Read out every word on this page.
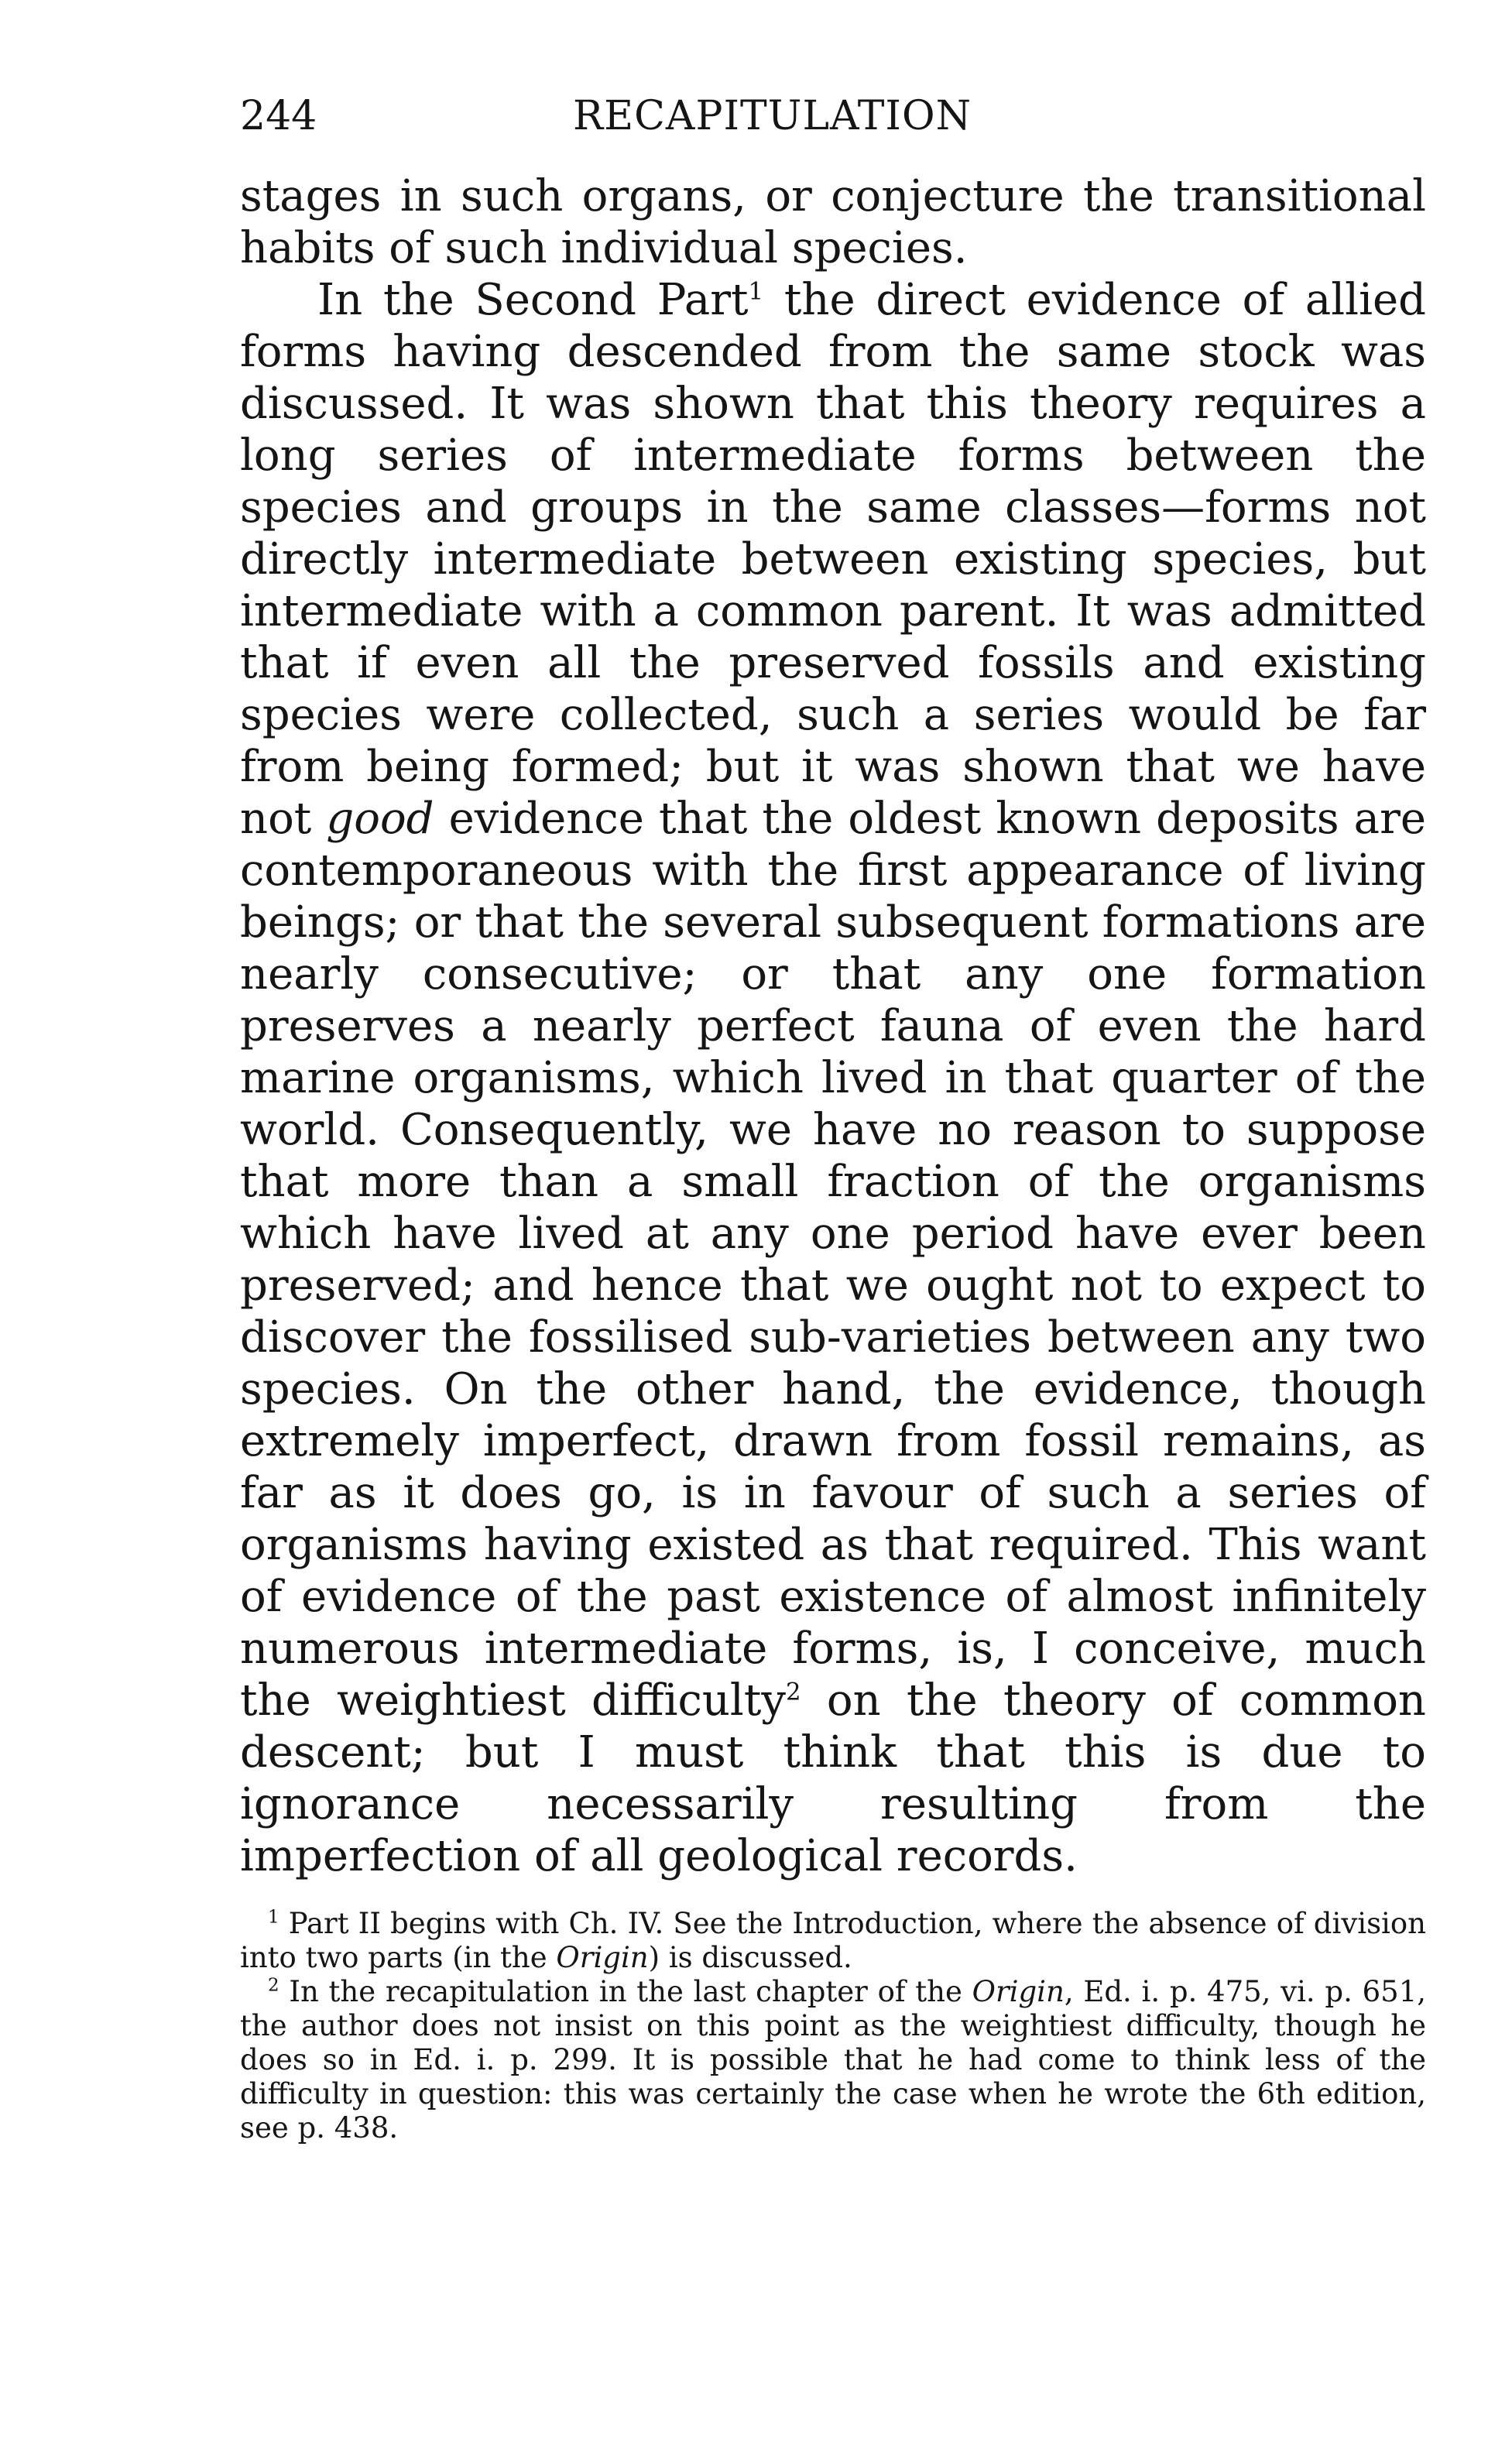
244	RECAPITULATION

stages in such organs, or conjecture the transitional habits of such individual species.

In the Second Part$^1$ the direct evidence of allied forms having descended from the same stock was discussed. It was shown that this theory requires a long series of intermediate forms between the species and groups in the same classes—forms not directly intermediate between existing species, but intermediate with a common parent. It was admitted that if even all the preserved fossils and existing species were collected, such a series would be far from being formed; but it was shown that we have not good evidence that the oldest known deposits are contemporaneous with the first appearance of living beings; or that the several subsequent formations are nearly consecutive; or that any one formation preserves a nearly perfect fauna of even the hard marine organisms, which lived in that quarter of the world. Consequently, we have no reason to suppose that more than a small fraction of the organisms which have lived at any one period have ever been preserved; and hence that we ought not to expect to discover the fossilised sub-varieties between any two species. On the other hand, the evidence, though extremely imperfect, drawn from fossil remains, as far as it does go, is in favour of such a series of organisms having existed as that required. This want of evidence of the past existence of almost infinitely numerous intermediate forms, is, I conceive, much the weightiest difficulty$^2$ on the theory of common descent; but I must think that this is due to ignorance necessarily resulting from the imperfection of all geological records.

$^1$ Part II begins with Ch. IV. See the Introduction, where the absence of division into two parts (in the Origin) is discussed.

$^2$ In the recapitulation in the last chapter of the Origin, Ed. i. p. 475, vi. p. 651, the author does not insist on this point as the weightiest difficulty, though he does so in Ed. i. p. 299. It is possible that he had come to think less of the difficulty in question: this was certainly the case when he wrote the 6th edition, see p. 438.
